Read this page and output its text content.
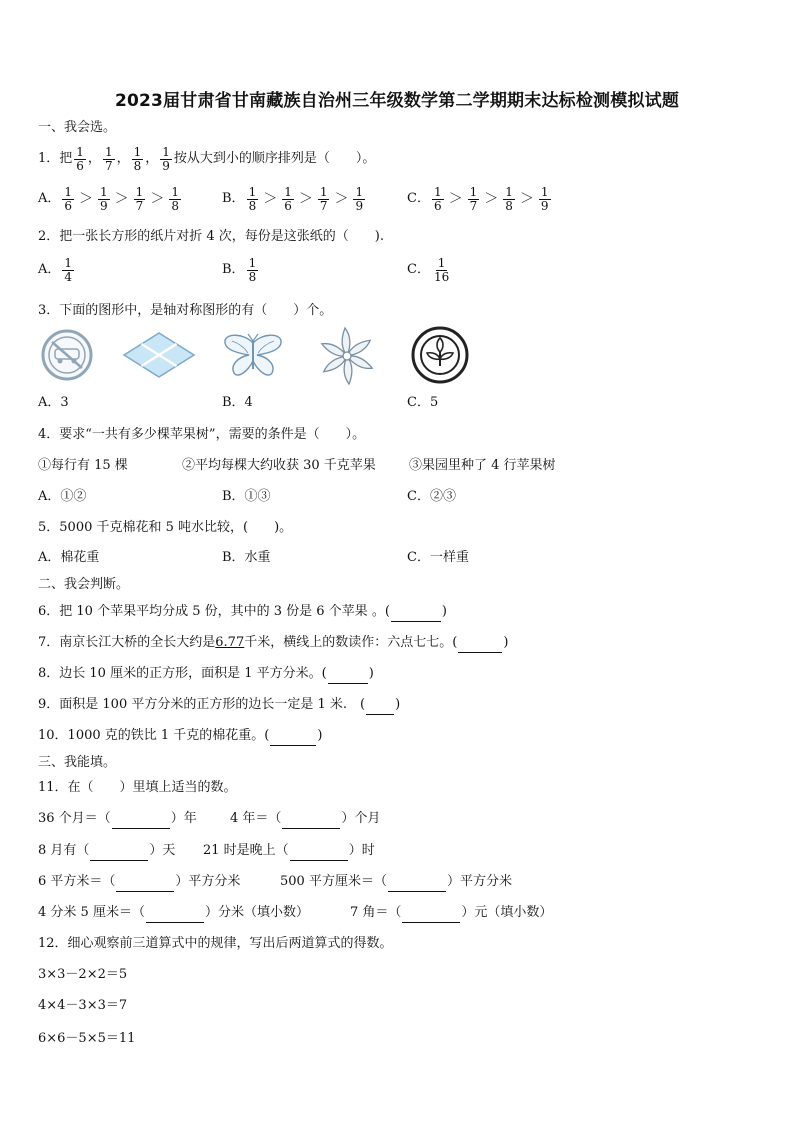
2023届甘肃省甘南藏族自治州三年级数学第二学期期末达标检测模拟试题
一、我会选。
1．把 $\frac{1}{6}$ ， $\frac{1}{7}$ ， $\frac{1}{8}$ ， $\frac{1}{9}$ 按从大到小的顺序排列是（　　）。
A． $\frac{1}{6} > \frac{1}{9} > \frac{1}{7} > \frac{1}{8}$	B． $\frac{1}{8} > \frac{1}{6} > \frac{1}{7} > \frac{1}{9}$	C． $\frac{1}{6} > \frac{1}{7} > \frac{1}{8} > \frac{1}{9}$
2．把一张长方形的纸片对折 4 次，每份是这张纸的（　　).
A． $\frac{1}{4}$	B． $\frac{1}{8}$	C． $\frac{1}{16}$
3．下面的图形中，是轴对称图形的有（　　）个。
A．3	B．4	C．5
4．要求“一共有多少棵苹果树”，需要的条件是（　　）。
①每行有 15 棵	②平均每棵大约收获 30 千克苹果	③果园里种了 4 行苹果树
A．①②	B．①③	C．②③
5．5000 千克棉花和 5 吨水比较，(　　)。
A．棉花重	B．水重	C．一样重
二、我会判断。
6．把 10 个苹果平均分成 5 份，其中的 3 份是 6 个苹果 。(	)
7．南京长江大桥的全长大约是6.77千米，横线上的数读作：六点七七。(	)
8．边长 10 厘米的正方形，面积是 1 平方分米。(	)
9．面积是 100 平方分米的正方形的边长一定是 1 米.　( )
10．1000 克的铁比 1 千克的棉花重。(	)
三、我能填。
11．在（　　）里填上适当的数。
36 个月＝（	）年	4 年＝（	）个月
8 月有（	）天 21 时是晚上（	）时
6 平方米＝（	）平方分米	500 平方厘米＝（	）平方分米
4 分米 5 厘米＝（	）分米（填小数）	7 角＝（	）元（填小数）
12．细心观察前三道算式中的规律，写出后两道算式的得数。
3×3－2×2＝5
4×4－3×3＝7
6×6－5×5＝11
